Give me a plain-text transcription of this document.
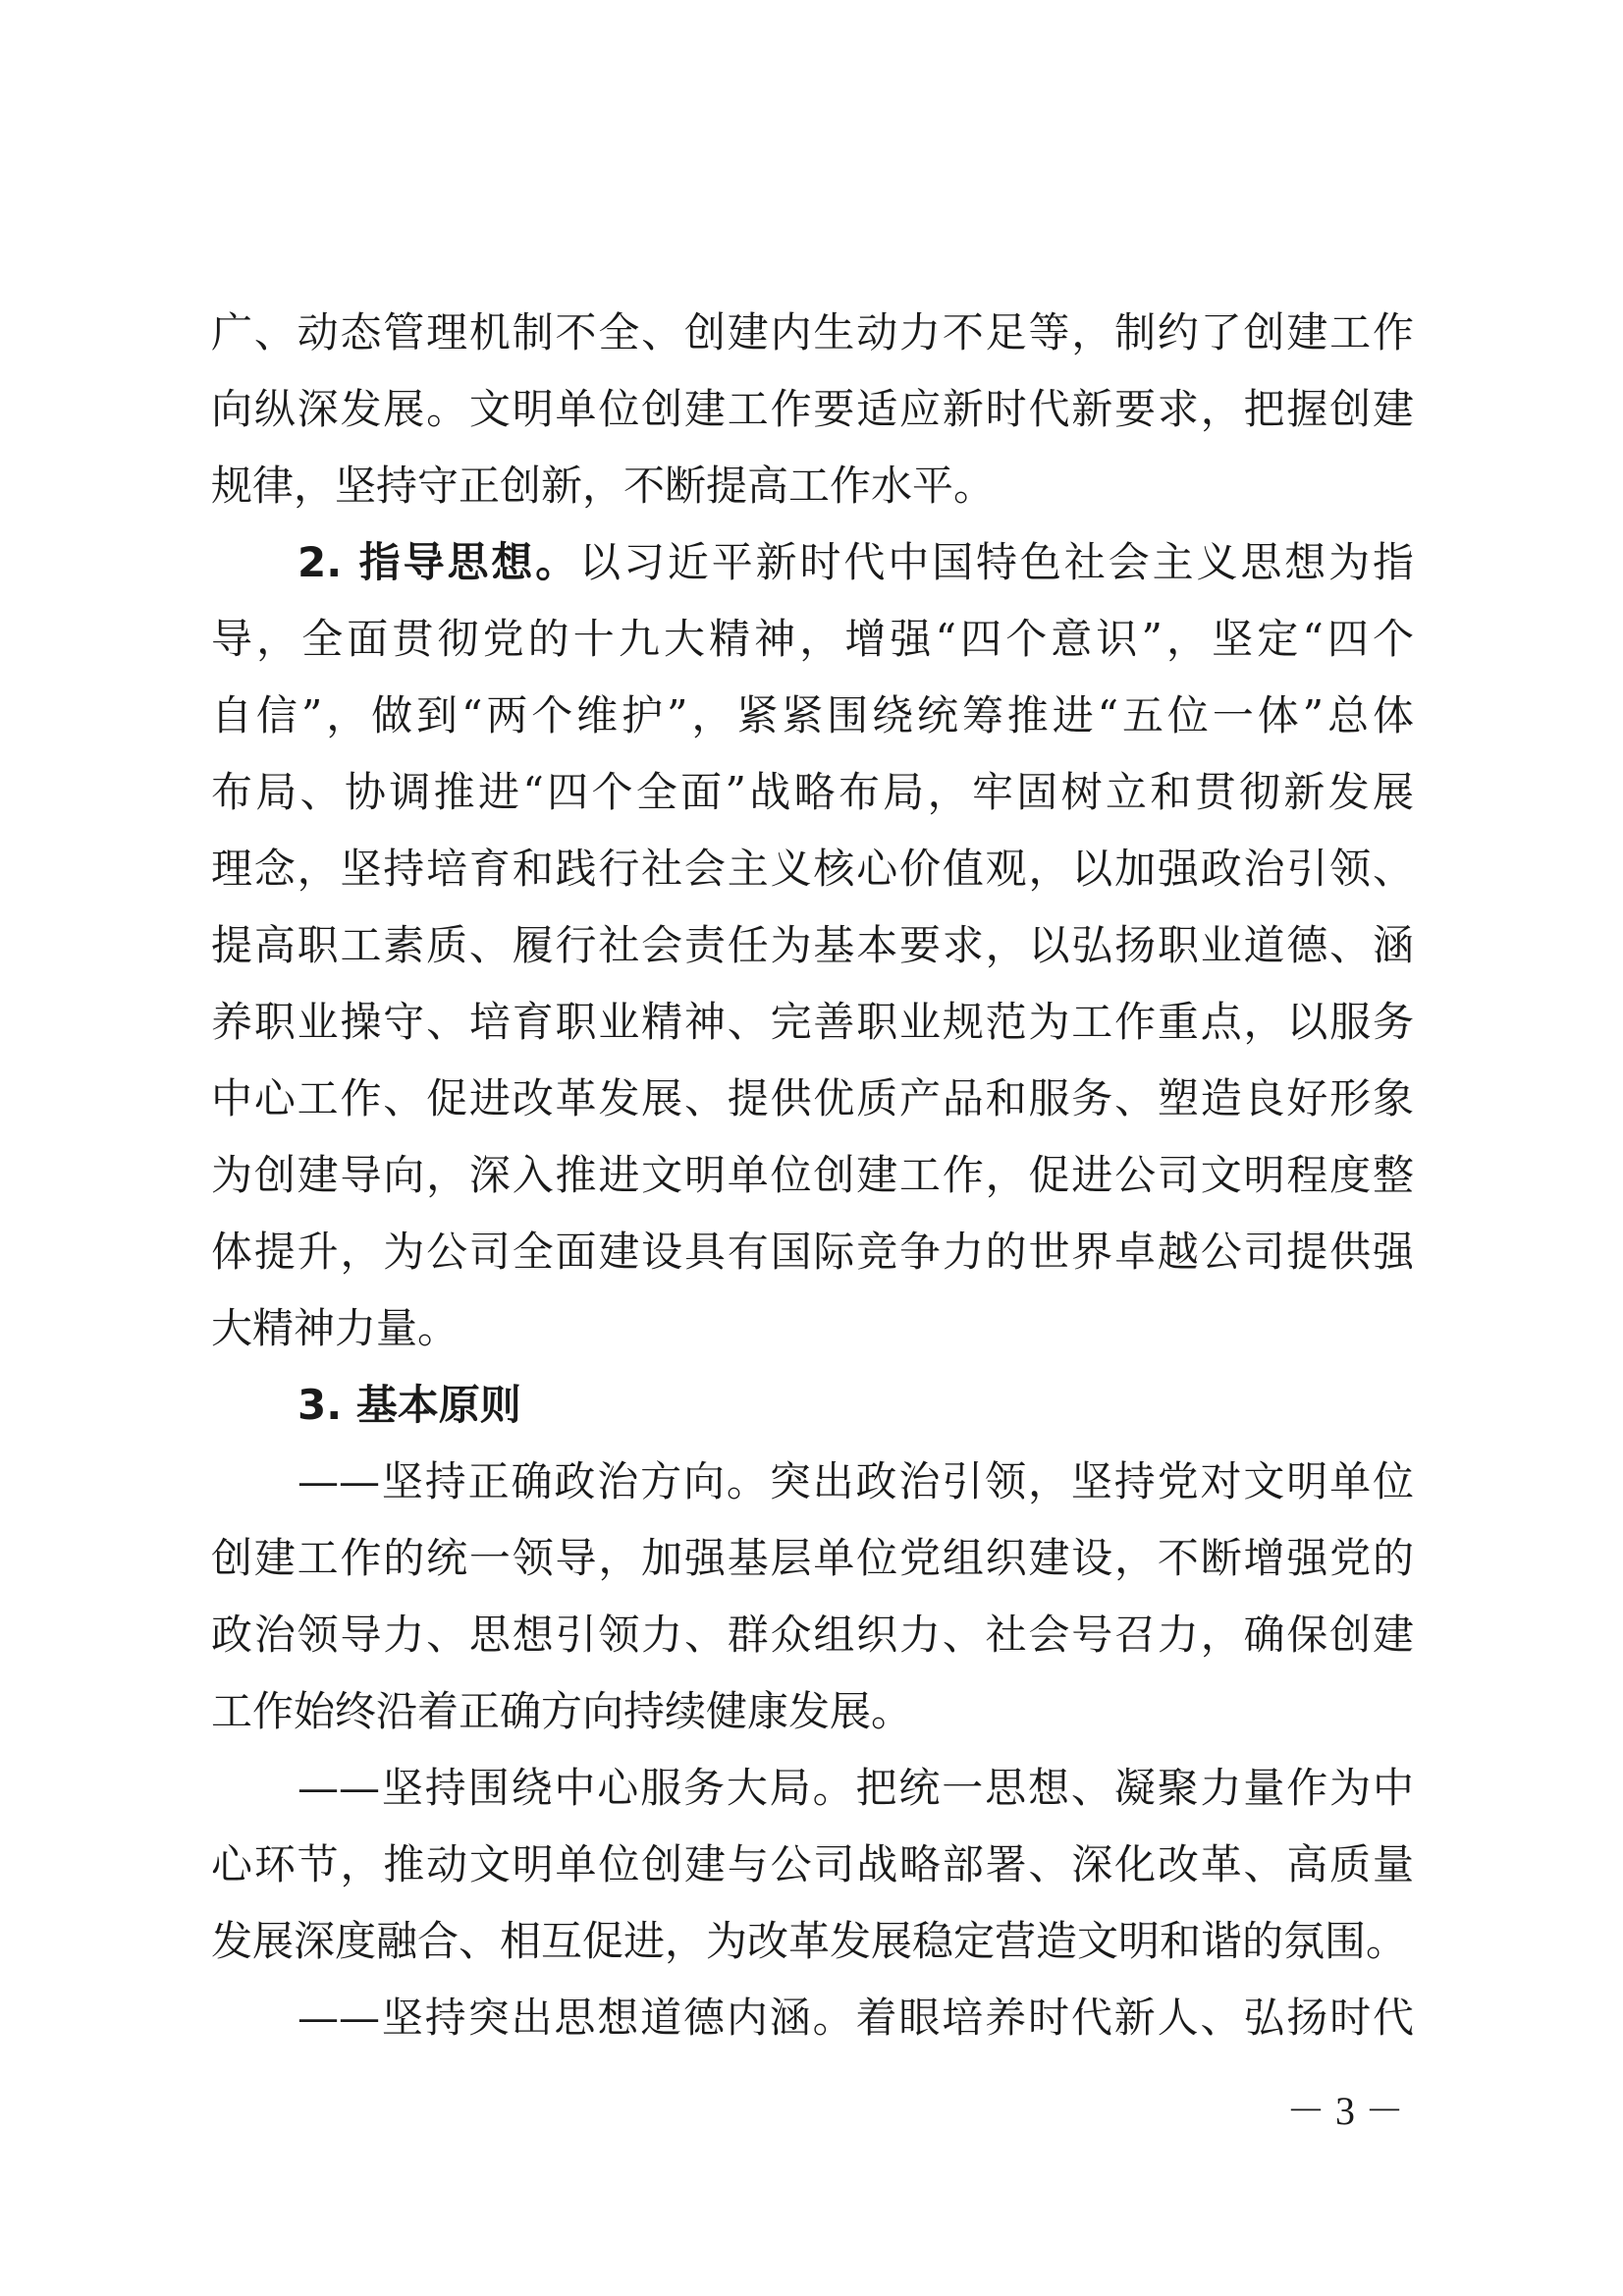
广、动态管理机制不全、创建内生动力不足等，制约了创建工作
向纵深发展。文明单位创建工作要适应新时代新要求，把握创建
规律，坚持守正创新，不断提高工作水平。
2. 指导思想。以习近平新时代中国特色社会主义思想为指
导，全面贯彻党的十九大精神，增强“四个意识”，坚定“四个
自信”，做到“两个维护”，紧紧围绕统筹推进“五位一体”总体
布局、协调推进“四个全面”战略布局，牢固树立和贯彻新发展
理念，坚持培育和践行社会主义核心价值观，以加强政治引领、
提高职工素质、履行社会责任为基本要求，以弘扬职业道德、涵
养职业操守、培育职业精神、完善职业规范为工作重点，以服务
中心工作、促进改革发展、提供优质产品和服务、塑造良好形象
为创建导向，深入推进文明单位创建工作，促进公司文明程度整
体提升，为公司全面建设具有国际竞争力的世界卓越公司提供强
大精神力量。
3. 基本原则
——坚持正确政治方向。突出政治引领，坚持党对文明单位
创建工作的统一领导，加强基层单位党组织建设，不断增强党的
政治领导力、思想引领力、群众组织力、社会号召力，确保创建
工作始终沿着正确方向持续健康发展。
——坚持围绕中心服务大局。把统一思想、凝聚力量作为中
心环节，推动文明单位创建与公司战略部署、深化改革、高质量
发展深度融合、相互促进，为改革发展稳定营造文明和谐的氛围。
——坚持突出思想道德内涵。着眼培养时代新人、弘扬时代
－ 3 －
